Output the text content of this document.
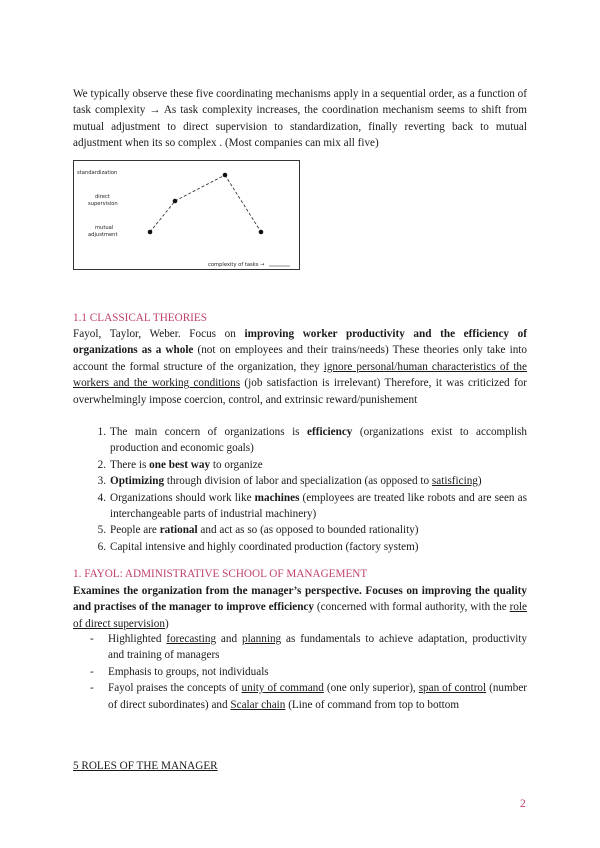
We typically observe these five coordinating mechanisms apply in a sequential order, as a function of task complexity → As task complexity increases, the coordination mechanism seems to shift from mutual adjustment to direct supervision to standardization, finally reverting back to mutual adjustment when its so complex . (Most companies can mix all five)

standardization
direct
supervision
mutual
adjustment
complexity of tasks →
1.1 CLASSICAL THEORIES

Fayol, Taylor, Weber. Focus on improving worker productivity and the efficiency of organizations as a whole (not on employees and their trains/needs) These theories only take into account the formal structure of the organization, they ignore personal/human characteristics of the workers and the working conditions (job satisfaction is irrelevant) Therefore, it was criticized for overwhelmingly impose coercion, control, and extrinsic reward/punishement

1. The main concern of organizations is efficiency (organizations exist to accomplish production and economic goals)
2. There is one best way to organize
3. Optimizing through division of labor and specialization (as opposed to satisficing)
4. Organizations should work like machines (employees are treated like robots and are seen as interchangeable parts of industrial machinery)
5. People are rational and act as so (as opposed to bounded rationality)
6. Capital intensive and highly coordinated production (factory system)
1. FAYOL: ADMINISTRATIVE SCHOOL OF MANAGEMENT

Examines the organization from the manager’s perspective. Focuses on improving the quality and practises of the manager to improve efficiency (concerned with formal authority, with the role of direct supervision)

- Highlighted forecasting and planning as fundamentals to achieve adaptation, productivity and training of managers
- Emphasis to groups, not individuals
- Fayol praises the concepts of unity of command (one only superior), span of control (number of direct subordinates) and Scalar chain (Line of command from top to bottom
5 ROLES OF THE MANAGER
2
